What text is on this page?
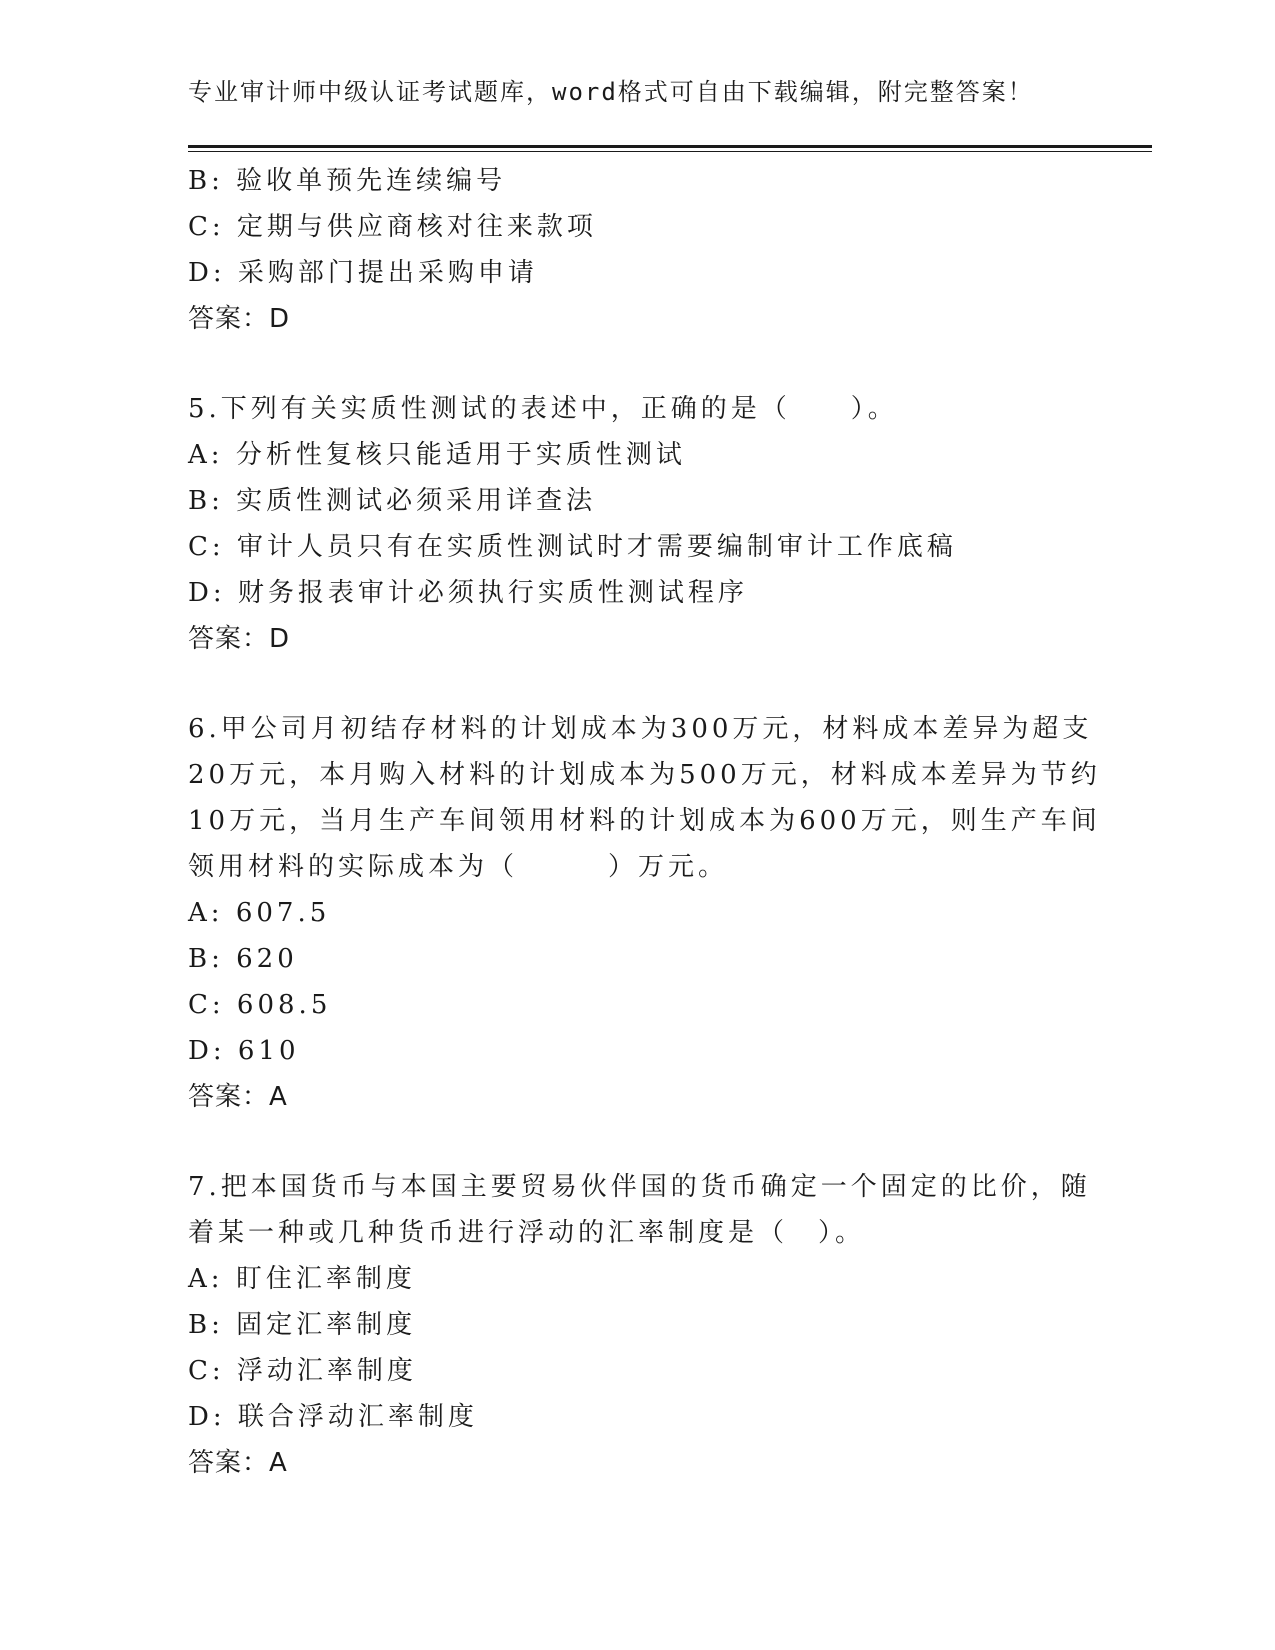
专业审计师中级认证考试题库，word格式可自由下载编辑，附完整答案！
B: 验收单预先连续编号
C: 定期与供应商核对往来款项
D: 采购部门提出采购申请
答案：D
5.下列有关实质性测试的表述中，正确的是（　　）。
A: 分析性复核只能适用于实质性测试
B: 实质性测试必须采用详查法
C: 审计人员只有在实质性测试时才需要编制审计工作底稿
D: 财务报表审计必须执行实质性测试程序
答案：D
6.甲公司月初结存材料的计划成本为300万元，材料成本差异为超支
20万元，本月购入材料的计划成本为500万元，材料成本差异为节约
10万元，当月生产车间领用材料的计划成本为600万元，则生产车间
领用材料的实际成本为（　　　）万元。
A: 607.5
B: 620
C: 608.5
D: 610
答案：A
7.把本国货币与本国主要贸易伙伴国的货币确定一个固定的比价，随
着某一种或几种货币进行浮动的汇率制度是（　）。
A: 盯住汇率制度
B: 固定汇率制度
C: 浮动汇率制度
D: 联合浮动汇率制度
答案：A
